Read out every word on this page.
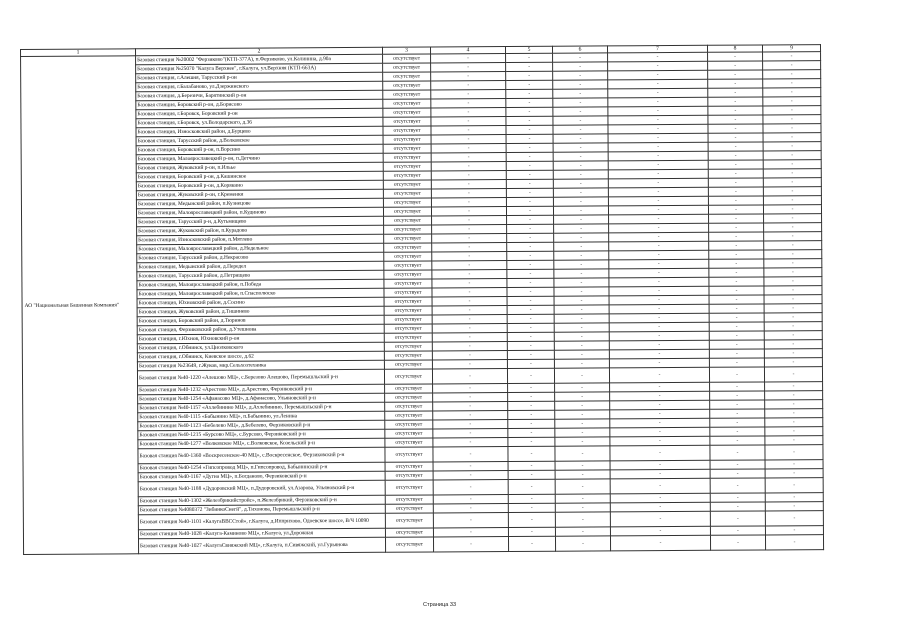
1	2	3	4	5	6	7	8	9
АО "Национальная Башенная Компания"	Базовая станция №20002 "Ферзиково"(КТП-377А), п.Ферзиково, ул.Калинина, д.90а	отсутствует	-	-	-	-	-	-
	Базовая станция №25070 "Калуга Верхнее", г.Калуга, ул.Верхняя (КТП-663А)	отсутствует	-	-	-	-	-	-
	Базовая станция, г.Алешня, Тарусский р-он	отсутствует	-	-	-	-	-	-
	Базовая станция, г.Балабаново, ул.Дзержинского	отсутствует	-	-	-	-	-	-
	Базовая станция, д.Березичи, Барятинский р-он	отсутствует	-	-	-	-	-	-
	Базовая станция, Боровский р-он, д.Борисово	отсутствует	-	-	-	-	-	-
	Базовая станция, г.Боровск, Боровский р-он	отсутствует	-	-	-	-	-	-
	Базовая станция, г.Боровск, ул.Володарского, д.36	отсутствует	-	-	-	-	-	-
	Базовая станция, Износковский район, д.Бурцево	отсутствует	-	-	-	-	-	-
	Базовая станция, Тарусский район, д.Волковское	отсутствует	-	-	-	-	-	-
	Базовая станция, Боровский р-он, п.Ворсино	отсутствует	-	-	-	-	-	-
	Базовая станция, Малоярославецкий р-он, п.Детчино	отсутствует	-	-	-	-	-	-
	Базовая станция, Жуковский р-он, п.Ильье	отсутствует	-	-	-	-	-	-
	Базовая станция, Боровский р-он, д.Кашинское	отсутствует	-	-	-	-	-	-
	Базовая станция, Боровский р-он, д.Корякино	отсутствует	-	-	-	-	-	-
	Базовая станция, Жуковский р-он, г.Кременки	отсутствует	-	-	-	-	-	-
	Базовая станция, Медынский район, п.Кузнецове	отсутствует	-	-	-	-	-	-
	Базовая станция, Малоярославецкий район, п.Кудиново	отсутствует	-	-	-	-	-	-
	Базовая станция, Тарусский р-н, д.Кутьмищево	отсутствует	-	-	-	-	-	-
	Базовая станция, Жуковский район, п.Курадово	отсутствует	-	-	-	-	-	-
	Базовая станция, Износковский район, п.Мятлево	отсутствует	-	-	-	-	-	-
	Базовая станция, Малоярославецкий район, д.Недельное	отсутствует	-	-	-	-	-	-
	Базовая станция, Тарусский район, д.Некрасово	отсутствует	-	-	-	-	-	-
	Базовая станция, Медынский район, д.Передел	отсутствует	-	-	-	-	-	-
	Базовая станция, Тарусский район, д.Петрищево	отсутствует	-	-	-	-	-	-
	Базовая станция, Малоярославецкий район, п.Победа	отсутствует	-	-	-	-	-	-
	Базовая станция, Малоярославецкий район, п.Спасполюско	отсутствует	-	-	-	-	-	-
	Базовая станция, Юхновский район, д.Сосино	отсутствует	-	-	-	-	-	-
	Базовая станция, Жуковский район, д.Тишинево	отсутствует	-	-	-	-	-	-
	Базовая станция, Боровский район, д.Тюринов	отсутствует	-	-	-	-	-	-
	Базовая станция, Ферзиковский район, д.Утешнова	отсутствует	-	-	-	-	-	-
	Базовая станция, г.Юхнов, Юхновский р-он	отсутствует	-	-	-	-	-	-
	Базовая станция, г.Обнинск, ул.Циолковского	отсутствует	-	-	-	-	-	-
	Базовая станция, г.Обнинск, Киевское шоссе, д.62	отсутствует	-	-	-	-	-	-
	Базовая станция №23649, г.Жуков, мкр.Сельхозтехника	отсутствует	-	-	-	-	-	-
	Базовая станция №40-1220 «Алешово МЦ», с.Березово Алешово, Перемышльский р-н	отсутствует	-	-	-	-	-	-
	Базовая станция №40-1232 «Арестово МЦ», д.Арестово, Ферзиковский р-н	отсутствует	-	-	-	-	-	-
	Базовая станция №40-1254 «Афанасово МЦ», д.Афанасово, Ульяновский р-н	отсутствует	-	-	-	-	-	-
	Базовая станция №40-1157 «Ахлебинино МЦ», д.Ахлебинино, Перемышльский р-н	отсутствует	-	-	-	-	-	-
	Базовая станция №40-1115 «Бабынино МЦ», п.Бабынино, ул.Ленина	отсутствует	-	-	-	-	-	-
	Базовая станция №40-1123 «Бебелево МЦ», д.Бебелево, Ферзиковский р-н	отсутствует	-	-	-	-	-	-
	Базовая станция №40-1215 «Бурсово МЦ», с.Бурсово, Ферзиковский р-н	отсутствует	-	-	-	-	-	-
	Базовая станция №40-1277 «Волковское МЦ», с.Волковское, Козельский р-н	отсутствует	-	-	-	-	-	-
	Базовая станция №40-1360 «Воскресенское-40 МЦ», с.Воскресенское, Ферзиковский р-н	отсутствует	-	-	-	-	-	-
	Базовая станция №40-1254 «Гипсопровод МЦ», п.Гипсопровод, Бабынинский р-н	отсутствует	-	-	-	-	-	-
	Базовая станция №40-1167 «Дугна МЦ», п.Богданово, Ферзиковский р-н	отсутствует	-	-	-	-	-	-
	Базовая станция №40-1188 «Дудоровский МЦ», п.Дудоровский, ул.Азарова, Ульяновский р-н	отсутствует	-	-	-	-	-	-
	Базовая станция №40-1302 «Железбрикийстройс», п.Железбрикий, Ферзиковский р-н	отсутствует	-	-	-	-	-	-
	Базовая станция №4080372 "ЗибинкоСнегй", д.Тихонова, Перемышльский р-н	отсутствует	-	-	-	-	-	-
	Базовая станция №40-1101 «КалугаВВССтой», г.Калуга, д.Ипприхово, Одоевское шоссе, В/Ч 10090	отсутствует	-	-	-	-	-	-
	Базовая станция №40-1028 «Калуга-Каминово МЦ», г.Калуга, ул.Дорожная	отсутствует	-	-	-	-	-	-
	Базовая станция №40-1027 «КалугаСвияжский МЦ», г.Калуга, п.Сивяжский, ул.Гурьянова	отсутствует	-	-	-	-	-	-
Страница 33
